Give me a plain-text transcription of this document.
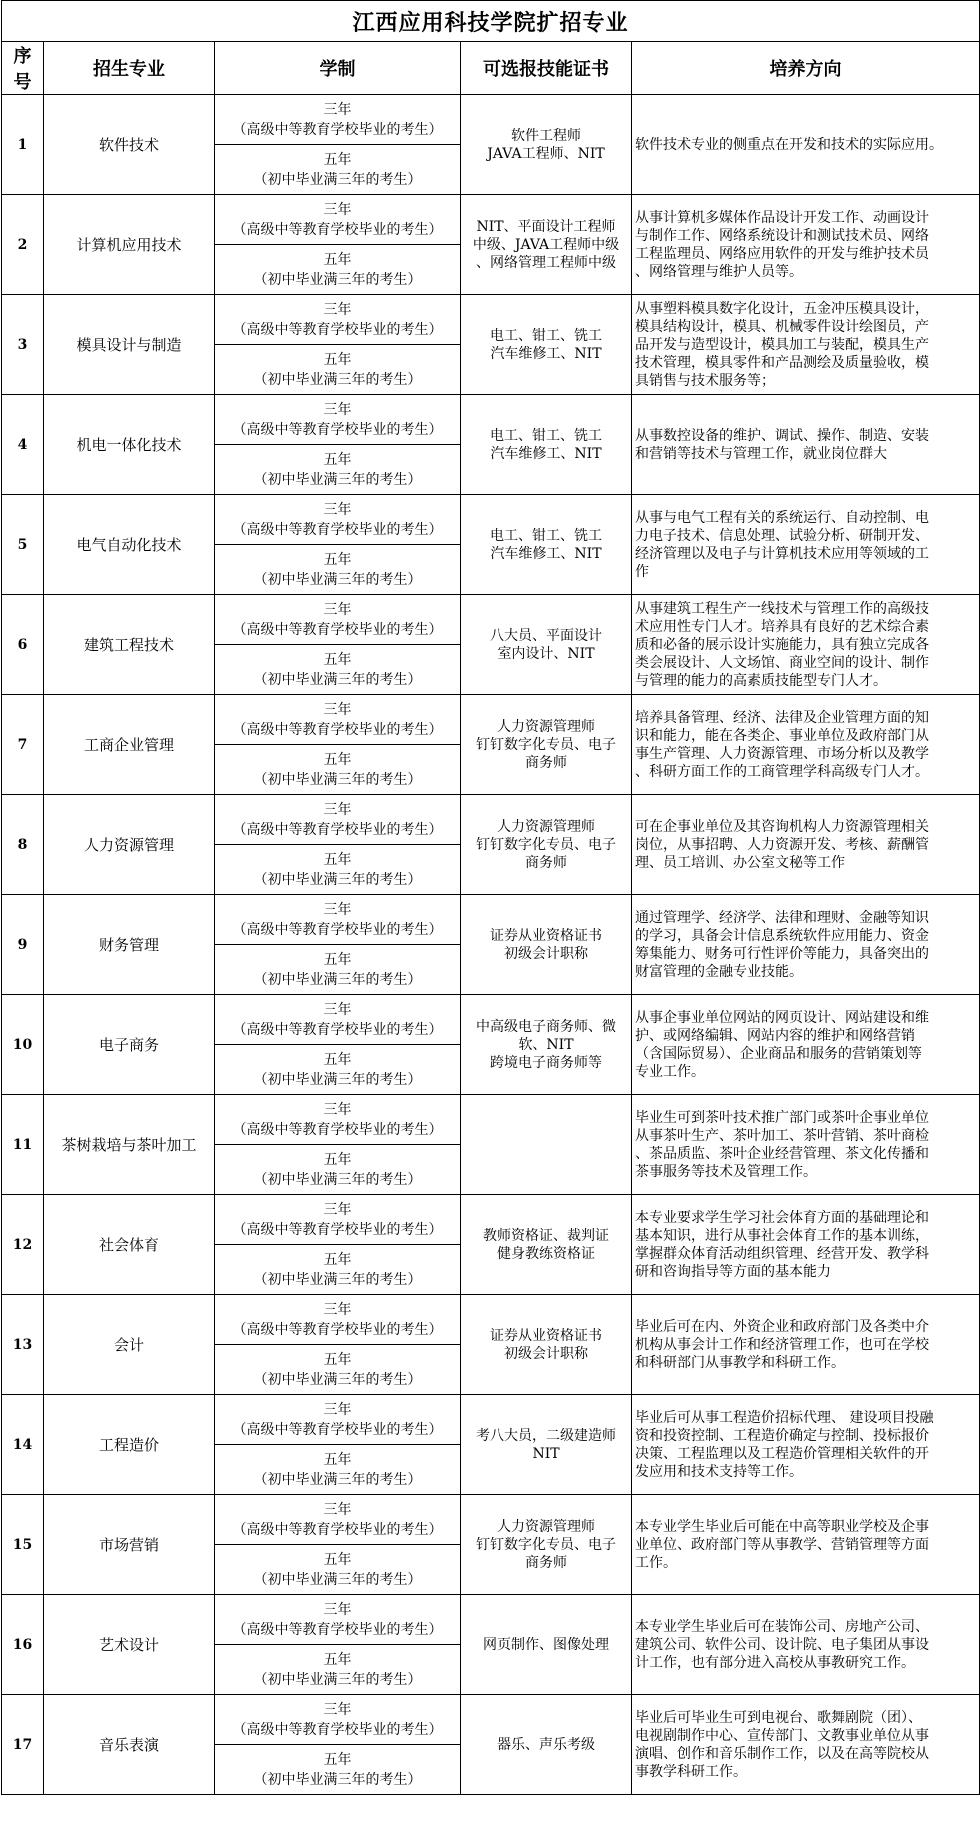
江西应用科技学院扩招专业				
序号	招生专业	学制	可选报技能证书	培养方向
1	软件技术	三年
（高级中等教育学校毕业的考生）	软件工程师
JAVA工程师、NIT	软件技术专业的侧重点在开发和技术的实际应用。

		五年
（初中毕业满三年的考生）		

2	计算机应用技术	三年
（高级中等教育学校毕业的考生）	NIT、平面设计工程师
中级、JAVA工程师中级
、网络管理工程师中级	从事计算机多媒体作品设计开发工作、动画设计
与制作工作、网络系统设计和测试技术员、网络
工程监理员、网络应用软件的开发与维护技术员
、网络管理与维护人员等。

		五年
（初中毕业满三年的考生）		

3	模具设计与制造	三年
（高级中等教育学校毕业的考生）	电工、钳工、铣工
汽车维修工、NIT	从事塑料模具数字化设计，五金冲压模具设计，
模具结构设计，模具、机械零件设计绘图员，产
品开发与造型设计，模具加工与装配，模具生产
技术管理，模具零件和产品测绘及质量验收，模
具销售与技术服务等；

		五年
（初中毕业满三年的考生）		

4	机电一体化技术	三年
（高级中等教育学校毕业的考生）	电工、钳工、铣工
汽车维修工、NIT	从事数控设备的维护、调试、操作、制造、安装
和营销等技术与管理工作，就业岗位群大

		五年
（初中毕业满三年的考生）		

5	电气自动化技术	三年
（高级中等教育学校毕业的考生）	电工、钳工、铣工
汽车维修工、NIT	从事与电气工程有关的系统运行、自动控制、电
力电子技术、信息处理、试验分析、研制开发、
经济管理以及电子与计算机技术应用等领域的工
作

		五年
（初中毕业满三年的考生）		

6	建筑工程技术	三年
（高级中等教育学校毕业的考生）	八大员、平面设计
室内设计、NIT	从事建筑工程生产一线技术与管理工作的高级技
术应用性专门人才。培养具有良好的艺术综合素
质和必备的展示设计实施能力，具有独立完成各
类会展设计、人文场馆、商业空间的设计、制作
与管理的能力的高素质技能型专门人才。

		五年
（初中毕业满三年的考生）		

7	工商企业管理	三年
（高级中等教育学校毕业的考生）	人力资源管理师
钉钉数字化专员、电子
商务师	培养具备管理、经济、法律及企业管理方面的知
识和能力，能在各类企、事业单位及政府部门从
事生产管理、人力资源管理、市场分析以及教学
、科研方面工作的工商管理学科高级专门人才。

		五年
（初中毕业满三年的考生）		

8	人力资源管理	三年
（高级中等教育学校毕业的考生）	人力资源管理师
钉钉数字化专员、电子
商务师	可在企事业单位及其咨询机构人力资源管理相关
岗位，从事招聘、人力资源开发、考核、薪酬管
理、员工培训、办公室文秘等工作

		五年
（初中毕业满三年的考生）		

9	财务管理	三年
（高级中等教育学校毕业的考生）	证券从业资格证书
初级会计职称	通过管理学、经济学、法律和理财、金融等知识
的学习，具备会计信息系统软件应用能力、资金
筹集能力、财务可行性评价等能力，具备突出的
财富管理的金融专业技能。

		五年
（初中毕业满三年的考生）		

10	电子商务	三年
（高级中等教育学校毕业的考生）	中高级电子商务师、微
软、NIT
跨境电子商务师等	从事企事业单位网站的网页设计、网站建设和维
护、或网络编辑、网站内容的维护和网络营销
（含国际贸易）、企业商品和服务的营销策划等
专业工作。

		五年
（初中毕业满三年的考生）		

11	茶树栽培与茶叶加工	三年
（高级中等教育学校毕业的考生）		毕业生可到茶叶技术推广部门或茶叶企事业单位
从事茶叶生产、茶叶加工、茶叶营销、茶叶商检
、茶品质监、茶叶企业经营管理、茶文化传播和
茶事服务等技术及管理工作。

		五年
（初中毕业满三年的考生）		

12	社会体育	三年
（高级中等教育学校毕业的考生）	教师资格证、裁判证
健身教练资格证	本专业要求学生学习社会体育方面的基础理论和
基本知识，进行从事社会体育工作的基本训练，
掌握群众体育活动组织管理、经营开发、教学科
研和咨询指导等方面的基本能力

		五年
（初中毕业满三年的考生）		

13	会计	三年
（高级中等教育学校毕业的考生）	证券从业资格证书
初级会计职称	毕业后可在内、外资企业和政府部门及各类中介
机构从事会计工作和经济管理工作，也可在学校
和科研部门从事教学和科研工作。

		五年
（初中毕业满三年的考生）		

14	工程造价	三年
（高级中等教育学校毕业的考生）	考八大员，二级建造师
NIT	毕业后可从事工程造价招标代理、 建设项目投融
资和投资控制、工程造价确定与控制、投标报价
决策、工程监理以及工程造价管理相关软件的开
发应用和技术支持等工作。

		五年
（初中毕业满三年的考生）		

15	市场营销	三年
（高级中等教育学校毕业的考生）	人力资源管理师
钉钉数字化专员、电子
商务师	本专业学生毕业后可能在中高等职业学校及企事
业单位、政府部门等从事教学、营销管理等方面
工作。

		五年
（初中毕业满三年的考生）		

16	艺术设计	三年
（高级中等教育学校毕业的考生）	网页制作、图像处理	本专业学生毕业后可在装饰公司、房地产公司、
建筑公司、软件公司、设计院、电子集团从事设
计工作，也有部分进入高校从事教研究工作。

		五年
（初中毕业满三年的考生）		

17	音乐表演	三年
（高级中等教育学校毕业的考生）	器乐、声乐考级	毕业后可毕业生可到电视台、歌舞剧院（团）、
电视剧制作中心、宣传部门、文教事业单位从事
演唱、创作和音乐制作工作，以及在高等院校从
事教学科研工作。

		五年
（初中毕业满三年的考生）		
